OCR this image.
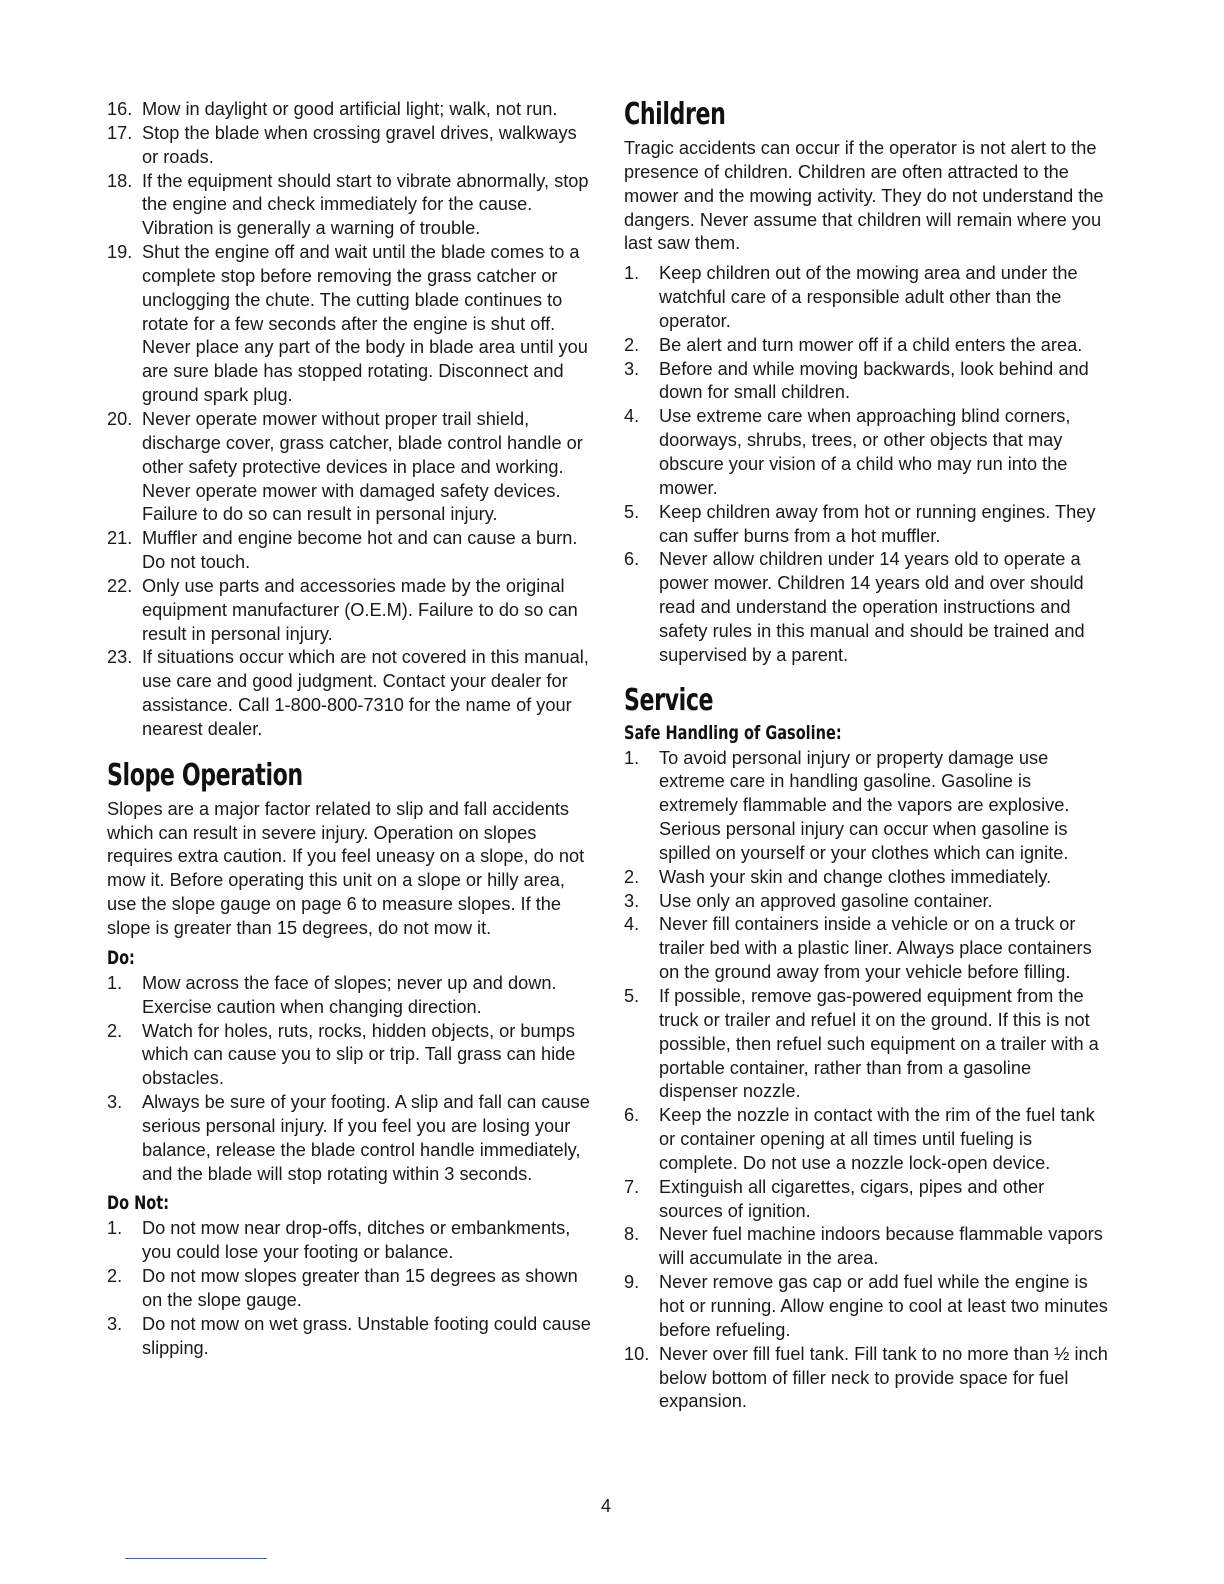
16. Mow in daylight or good artificial light; walk, not run.
17. Stop the blade when crossing gravel drives, walkways or roads.
18. If the equipment should start to vibrate abnormally, stop the engine and check immediately for the cause. Vibration is generally a warning of trouble.
19. Shut the engine off and wait until the blade comes to a complete stop before removing the grass catcher or unclogging the chute. The cutting blade continues to rotate for a few seconds after the engine is shut off. Never place any part of the body in blade area until you are sure blade has stopped rotating. Disconnect and ground spark plug.
20. Never operate mower without proper trail shield, discharge cover, grass catcher, blade control handle or other safety protective devices in place and working. Never operate mower with damaged safety devices. Failure to do so can result in personal injury.
21. Muffler and engine become hot and can cause a burn. Do not touch.
22. Only use parts and accessories made by the original equipment manufacturer (O.E.M). Failure to do so can result in personal injury.
23. If situations occur which are not covered in this manual, use care and good judgment. Contact your dealer for assistance. Call 1-800-800-7310 for the name of your nearest dealer.
Slope Operation

Slopes are a major factor related to slip and fall accidents which can result in severe injury. Operation on slopes requires extra caution. If you feel uneasy on a slope, do not mow it. Before operating this unit on a slope or hilly area, use the slope gauge on page 6 to measure slopes. If the slope is greater than 15 degrees, do not mow it.

Do:
1.	Mow across the face of slopes; never up and down. Exercise caution when changing direction.
2.	Watch for holes, ruts, rocks, hidden objects, or bumps which can cause you to slip or trip. Tall grass can hide obstacles.
3.	Always be sure of your footing. A slip and fall can cause serious personal injury. If you feel you are losing your balance, release the blade control handle immediately, and the blade will stop rotating within 3 seconds.
Do Not:
1.	Do not mow near drop-offs, ditches or embankments, you could lose your footing or balance.
2.	Do not mow slopes greater than 15 degrees as shown on the slope gauge.
3.	Do not mow on wet grass. Unstable footing could cause slipping.
Children

Tragic accidents can occur if the operator is not alert to the presence of children. Children are often attracted to the mower and the mowing activity. They do not understand the dangers. Never assume that children will remain where you last saw them.

1.	Keep children out of the mowing area and under the watchful care of a responsible adult other than the operator.
2.	Be alert and turn mower off if a child enters the area.
3.	Before and while moving backwards, look behind and down for small children.
4.	Use extreme care when approaching blind corners, doorways, shrubs, trees, or other objects that may obscure your vision of a child who may run into the mower.
5.	Keep children away from hot or running engines. They can suffer burns from a hot muffler.
6.	Never allow children under 14 years old to operate a power mower. Children 14 years old and over should read and understand the operation instructions and safety rules in this manual and should be trained and supervised by a parent.
Service
Safe Handling of Gasoline:
1.	To avoid personal injury or property damage use extreme care in handling gasoline. Gasoline is extremely flammable and the vapors are explosive. Serious personal injury can occur when gasoline is spilled on yourself or your clothes which can ignite.
2.	Wash your skin and change clothes immediately.
3.	Use only an approved gasoline container.
4.	Never fill containers inside a vehicle or on a truck or trailer bed with a plastic liner. Always place containers on the ground away from your vehicle before filling.
5.	If possible, remove gas-powered equipment from the truck or trailer and refuel it on the ground. If this is not possible, then refuel such equipment on a trailer with a portable container, rather than from a gasoline dispenser nozzle.
6.	Keep the nozzle in contact with the rim of the fuel tank or container opening at all times until fueling is complete. Do not use a nozzle lock-open device.
7.	Extinguish all cigarettes, cigars, pipes and other sources of ignition.
8.	Never fuel machine indoors because flammable vapors will accumulate in the area.
9.	Never remove gas cap or add fuel while the engine is hot or running. Allow engine to cool at least two minutes before refueling.
10. Never over fill fuel tank. Fill tank to no more than ½ inch below bottom of filler neck to provide space for fuel expansion.
4
